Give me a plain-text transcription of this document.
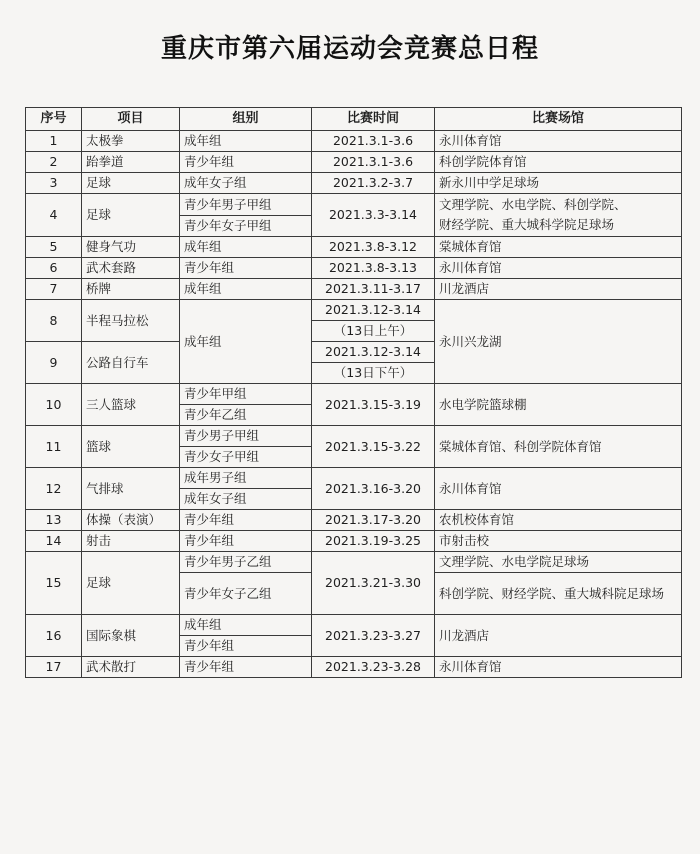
重庆市第六届运动会竞赛总日程
序号	项目	组别	比赛时间	比赛场馆
1	太极拳	成年组	2021.3.1-3.6	永川体育馆
2	跆拳道	青少年组	2021.3.1-3.6	科创学院体育馆
3	足球	成年女子组	2021.3.2-3.7	新永川中学足球场
4	足球	青少年男子甲组	2021.3.3-3.14	文理学院、水电学院、科创学院、
财经学院、重大城科学院足球场

		青少年女子甲组		
5	健身气功	成年组	2021.3.8-3.12	棠城体育馆
6	武术套路	青少年组	2021.3.8-3.13	永川体育馆
7	桥牌	成年组	2021.3.11-3.17	川龙酒店
8	半程马拉松	成年组	2021.3.12-3.14	永川兴龙湖
			（13日上午）	
9	公路自行车		2021.3.12-3.14	
			（13日下午）	
10	三人篮球	青少年甲组	2021.3.15-3.19	水电学院篮球棚
		青少年乙组		
11	篮球	青少男子甲组	2021.3.15-3.22	棠城体育馆、科创学院体育馆
		青少女子甲组		
12	气排球	成年男子组	2021.3.16-3.20	永川体育馆
		成年女子组		
13	体操（表演）	青少年组	2021.3.17-3.20	农机校体育馆
14	射击	青少年组	2021.3.19-3.25	市射击校
15	足球	青少年男子乙组	2021.3.21-3.30	文理学院、水电学院足球场
		青少年女子乙组		科创学院、财经学院、重大城科院足球场
16	国际象棋	成年组	2021.3.23-3.27	川龙酒店
		青少年组		
17	武术散打	青少年组	2021.3.23-3.28	永川体育馆
